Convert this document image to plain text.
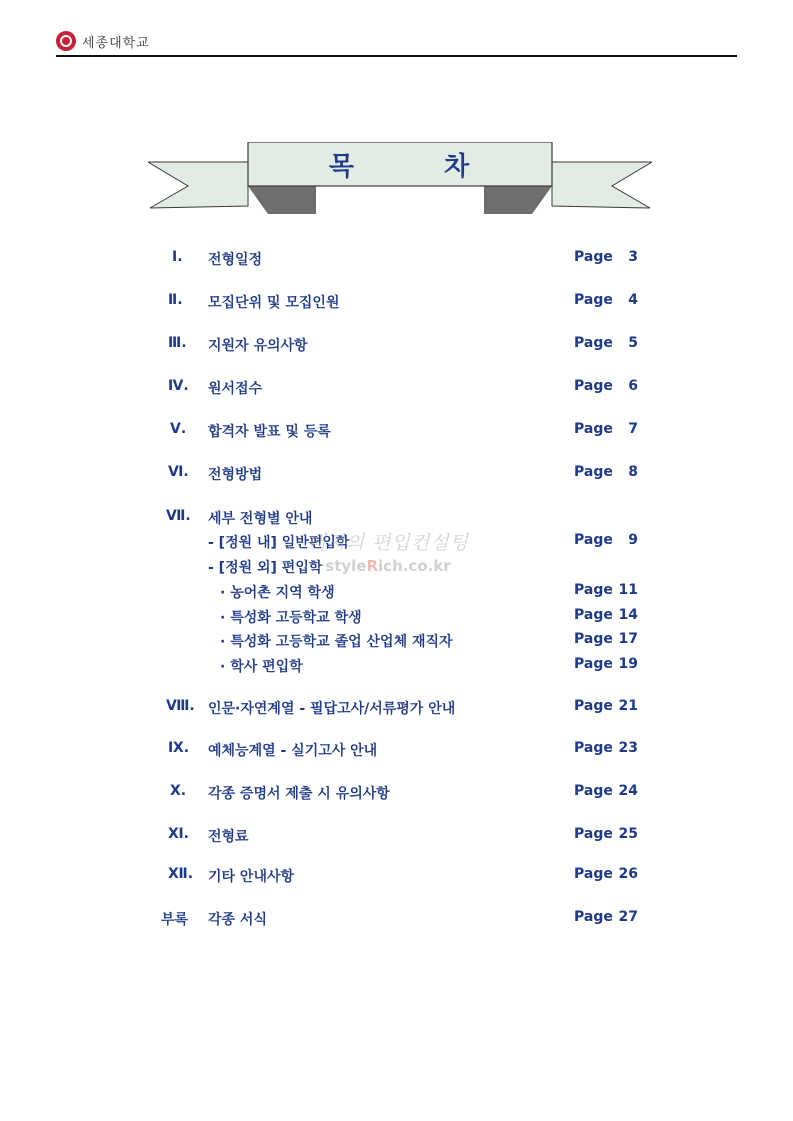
세종대학교
목	차
Ⅰ. 전형일정	Page 3
Ⅱ. 모집단위 및 모집인원	Page 4
Ⅲ. 지원자 유의사항	Page 5
Ⅳ. 원서접수	Page 6
Ⅴ. 합격자 발표 및 등록	Page 7
Ⅵ. 전형방법	Page 8
Ⅶ. 세부 전형별 안내
- [정원 내] 일반편입학	Page 9
- [정원 외] 편입학
· 농어촌 지역 학생	Page 11
· 특성화 고등학교 학생	Page 14
· 특성화 고등학교 졸업 산업체 재직자	Page 17
· 학사 편입학	Page 19
Ⅷ. 인문·자연계열 - 필답고사/서류평가 안내	Page 21
Ⅸ. 예체능계열 - 실기고사 안내	Page 23
Ⅹ. 각종 증명서 제출 시 유의사항	Page 24
Ⅺ. 전형료	Page 25
Ⅻ. 기타 안내사항	Page 26
부록 각종 서식	Page 27
대치의 편입컨설팅
styleRich.co.kr
